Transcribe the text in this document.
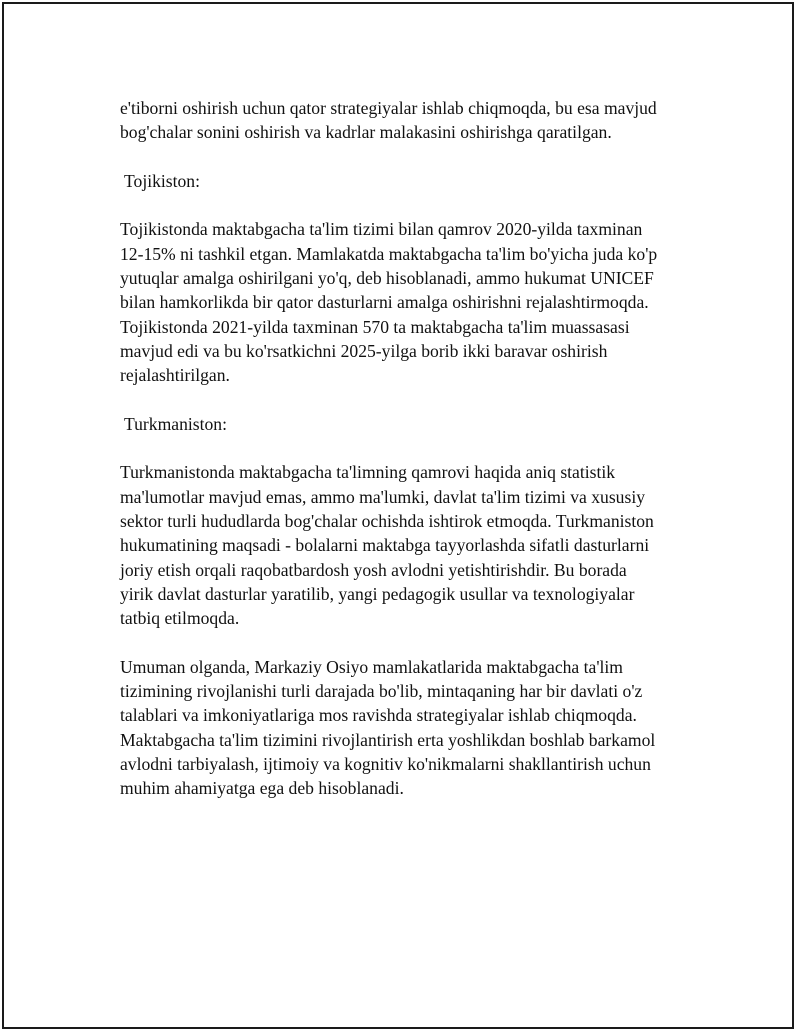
e'tiborni oshirish uchun qator strategiyalar ishlab chiqmoqda, bu esa mavjud
bog'chalar sonini oshirish va kadrlar malakasini oshirishga qaratilgan.

Tojikiston:

Tojikistonda maktabgacha ta'lim tizimi bilan qamrov 2020-yilda taxminan
12-15% ni tashkil etgan. Mamlakatda maktabgacha ta'lim bo'yicha juda ko'p
yutuqlar amalga oshirilgani yo'q, deb hisoblanadi, ammo hukumat UNICEF
bilan hamkorlikda bir qator dasturlarni amalga oshirishni rejalashtirmoqda.
Tojikistonda 2021-yilda taxminan 570 ta maktabgacha ta'lim muassasasi
mavjud edi va bu ko'rsatkichni 2025-yilga borib ikki baravar oshirish
rejalashtirilgan.

Turkmaniston:

Turkmanistonda maktabgacha ta'limning qamrovi haqida aniq statistik
ma'lumotlar mavjud emas, ammo ma'lumki, davlat ta'lim tizimi va xususiy
sektor turli hududlarda bog'chalar ochishda ishtirok etmoqda. Turkmaniston
hukumatining maqsadi - bolalarni maktabga tayyorlashda sifatli dasturlarni
joriy etish orqali raqobatbardosh yosh avlodni yetishtirishdir. Bu borada
yirik davlat dasturlar yaratilib, yangi pedagogik usullar va texnologiyalar
tatbiq etilmoqda.

Umuman olganda, Markaziy Osiyo mamlakatlarida maktabgacha ta'lim
tizimining rivojlanishi turli darajada bo'lib, mintaqaning har bir davlati o'z
talablari va imkoniyatlariga mos ravishda strategiyalar ishlab chiqmoqda.
Maktabgacha ta'lim tizimini rivojlantirish erta yoshlikdan boshlab barkamol
avlodni tarbiyalash, ijtimoiy va kognitiv ko'nikmalarni shakllantirish uchun
muhim ahamiyatga ega deb hisoblanadi.
